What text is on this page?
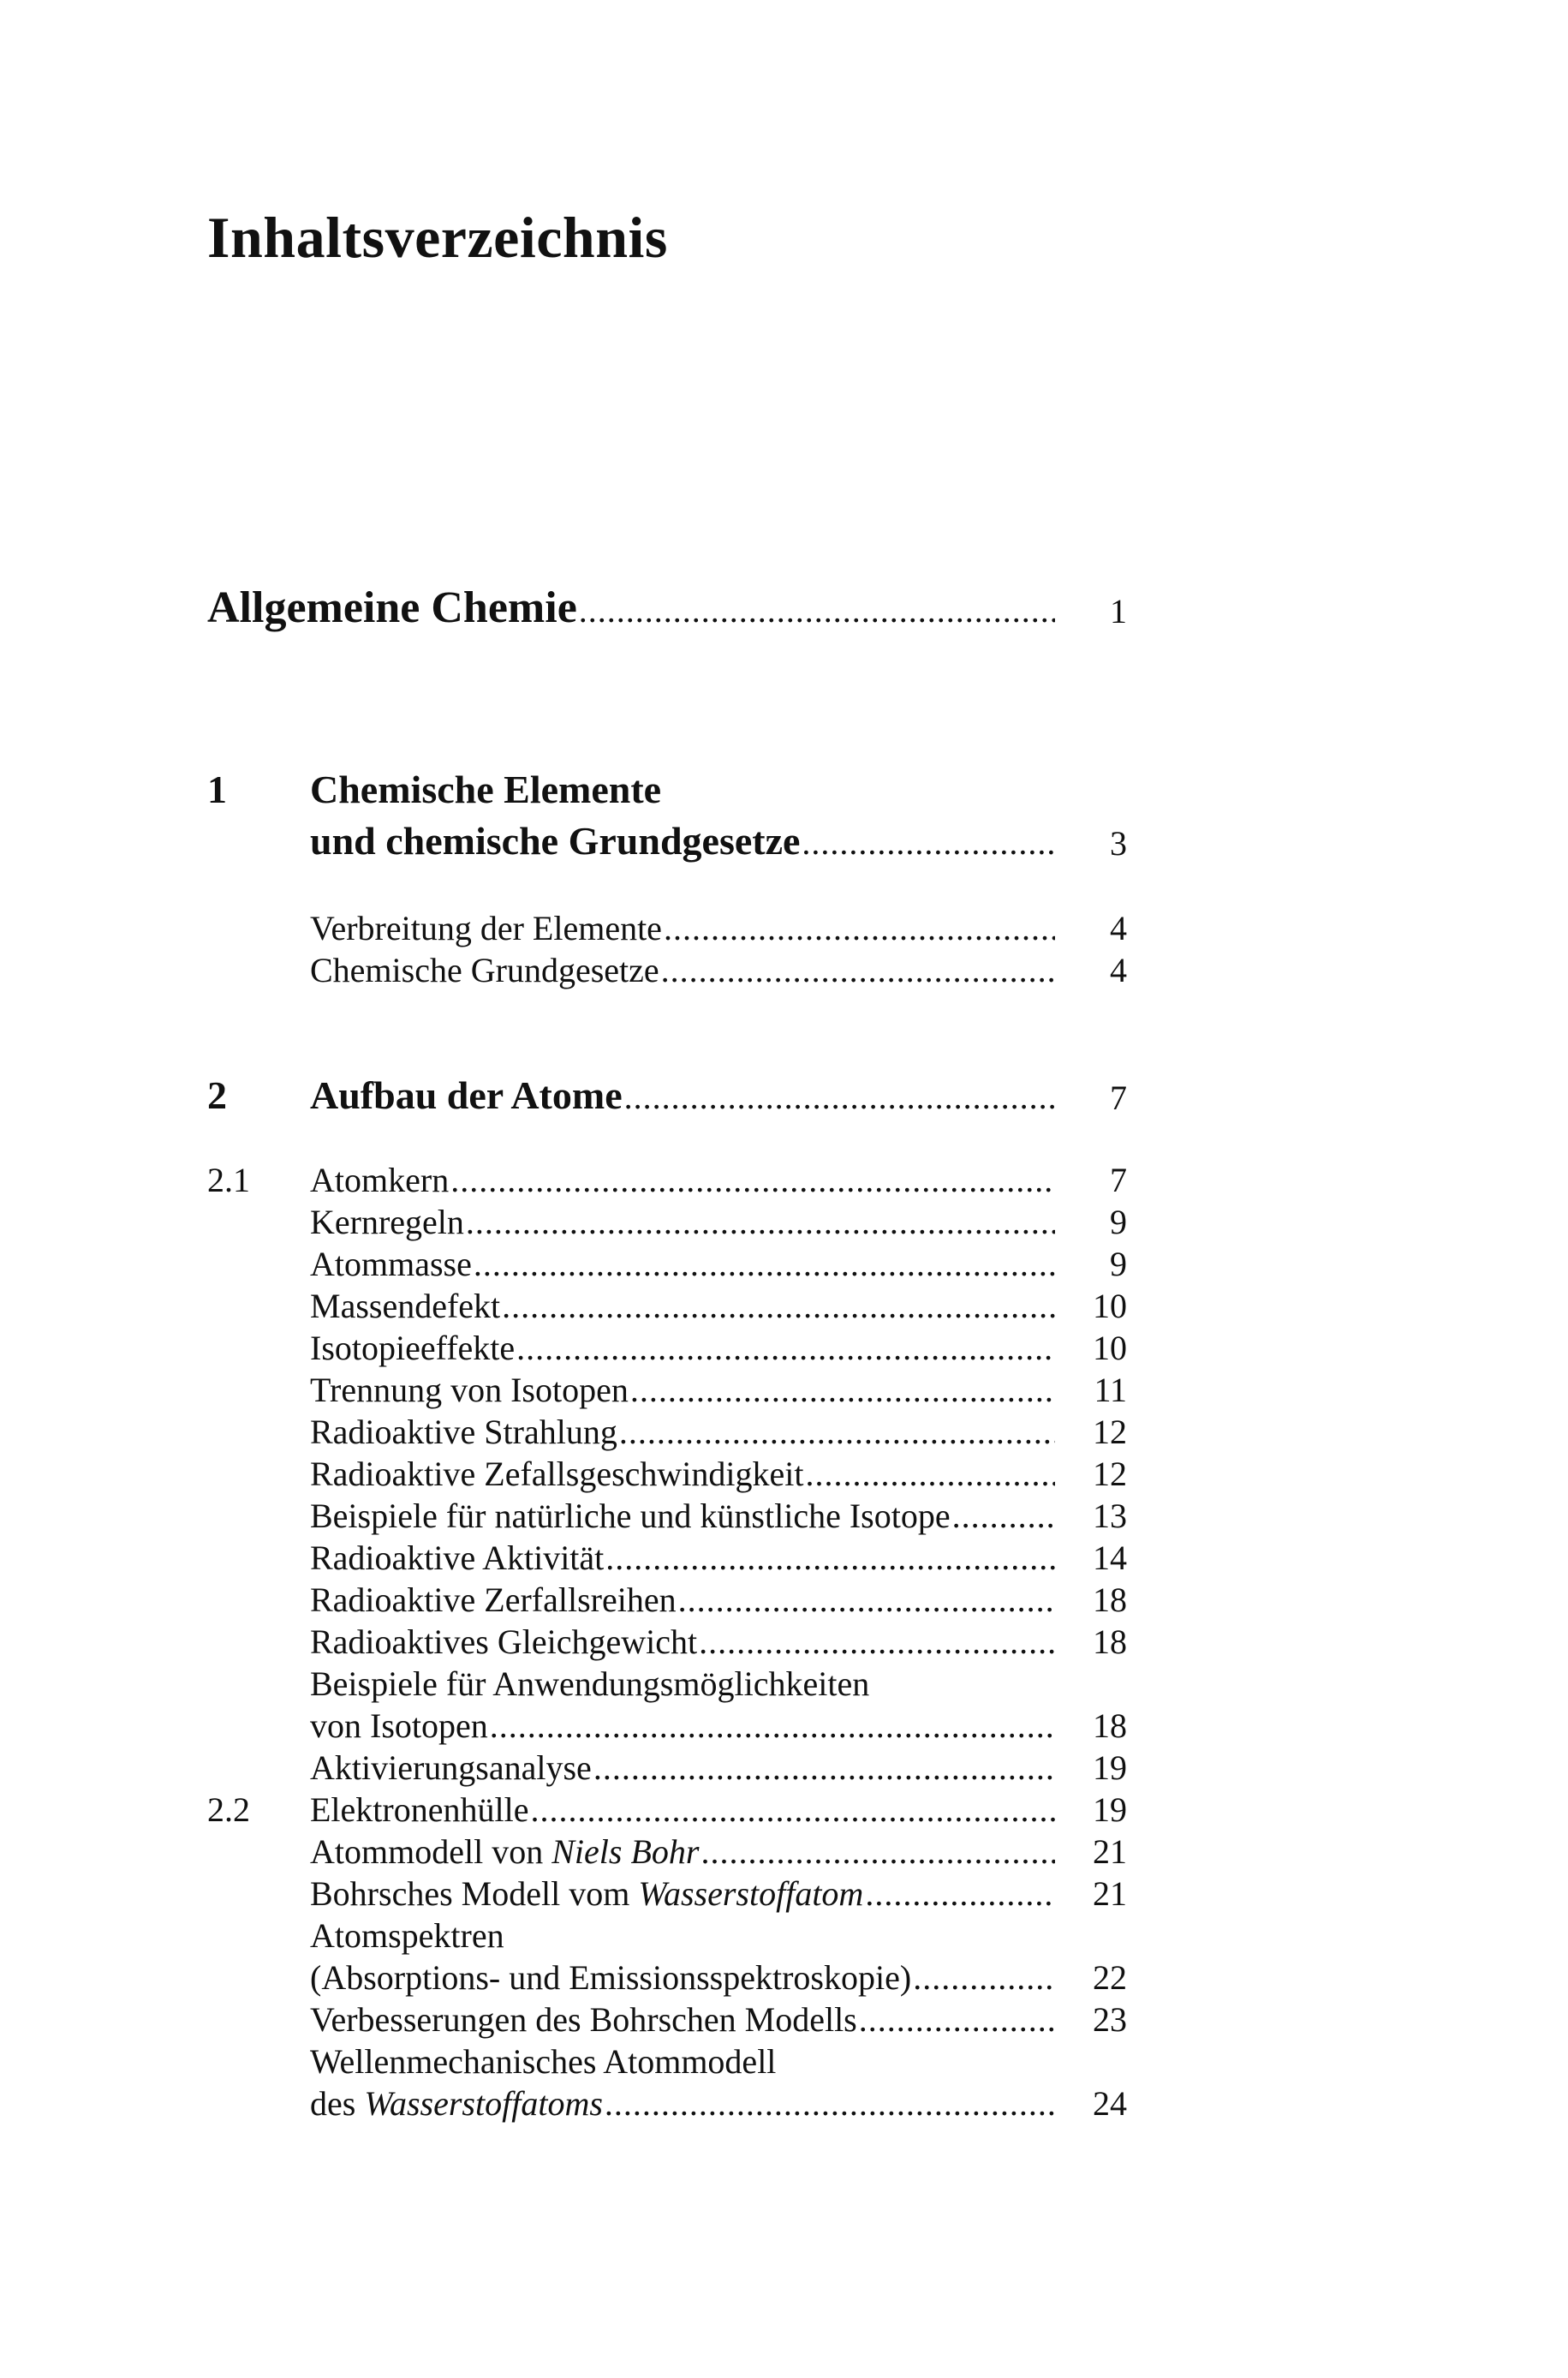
Inhaltsverzeichnis
Allgemeine Chemie .....	1
1 Chemische Elemente
und chemische Grundgesetze .....	3
Verbreitung der Elemente .....	4
Chemische Grundgesetze .....	4
2 Aufbau der Atome .....	7
2.1 Atomkern .....	7
Kernregeln .....	9
Atommasse .....	9
Massendefekt .....	10
Isotopieeffekte .....	10
Trennung von Isotopen .....	11
Radioaktive Strahlung .....	12
Radioaktive Zefallsgeschwindigkeit .....	12
Beispiele für natürliche und künstliche Isotope .....	13
Radioaktive Aktivität .....	14
Radioaktive Zerfallsreihen .....	18
Radioaktives Gleichgewicht .....	18
Beispiele für Anwendungsmöglichkeiten
von Isotopen .....	18
Aktivierungsanalyse .....	19
2.2 Elektronenhülle .....	19
Atommodell von Niels Bohr .....	21
Bohrsches Modell vom Wasserstoffatom .....	21
Atomspektren
(Absorptions- und Emissionsspektroskopie) .....	22
Verbesserungen des Bohrschen Modells .....	23
Wellenmechanisches Atommodell
des Wasserstoffatoms .....	24
